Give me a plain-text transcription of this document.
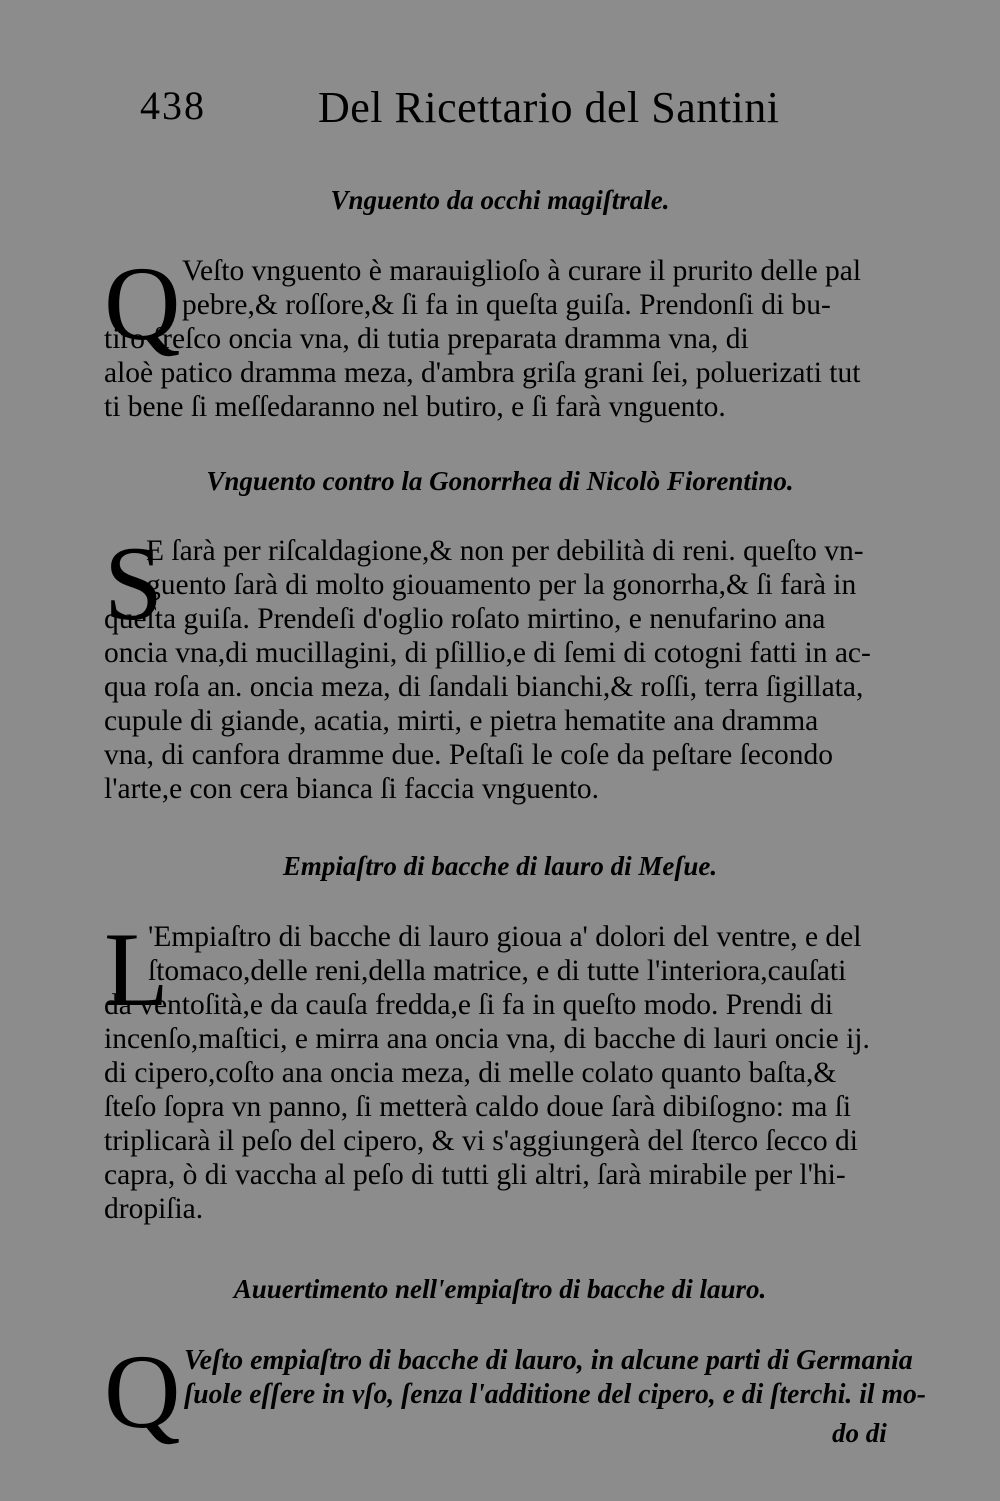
438	Del Ricettario del Santini
Vnguento da occhi magiſtrale.
Q Veſto vnguento è marauiglioſo à curare il prurito delle pal
pebre,& roſſore,& ſi fa in queſta guiſa. Prendonſi di bu-
tiro freſco oncia vna, di tutia preparata dramma vna, di
aloè patico dramma meza, d'ambra griſa grani ſei, poluerizati tut
ti bene ſi meſſedaranno nel butiro, e ſi farà vnguento.
Vnguento contro la Gonorrhea di Nicolò Fiorentino.
S
E ſarà per riſcaldagione,& non per debilità di reni. queſto vn-
guento ſarà di molto giouamento per la gonorrha,& ſi farà in
queſta guiſa. Prendeſi d'oglio roſato mirtino, e nenufarino ana
oncia vna,di mucillagini, di pſillio,e di ſemi di cotogni fatti in ac-
qua roſa an. oncia meza, di ſandali bianchi,& roſſi, terra ſigillata,
cupule di giande, acatia, mirti, e pietra hematite ana dramma
vna, di canfora dramme due. Peſtaſi le coſe da peſtare ſecondo
l'arte,e con cera bianca ſi faccia vnguento.
Empiaſtro di bacche di lauro di Meſue.
L
'Empiaſtro di bacche di lauro gioua a' dolori del ventre, e del
ſtomaco,delle reni,della matrice, e di tutte l'interiora,cauſati
da ventoſità,e da cauſa fredda,e ſi fa in queſto modo. Prendi di
incenſo,maſtici, e mirra ana oncia vna, di bacche di lauri oncie ij.
di cipero,coſto ana oncia meza, di melle colato quanto baſta,&
ſteſo ſopra vn panno, ſi metterà caldo doue ſarà dibiſogno: ma ſi
triplicarà il peſo del cipero, & vi s'aggiungerà del ſterco ſecco di
capra, ò di vaccha al peſo di tutti gli altri, ſarà mirabile per l'hi-
dropiſia.
Auuertimento nell'empiaſtro di bacche di lauro.
Q Veſto empiaſtro di bacche di lauro, in alcune parti di Germania
ſuole eſſere in vſo, ſenza l'additione del cipero, e di ſterchi. il mo-
do di
